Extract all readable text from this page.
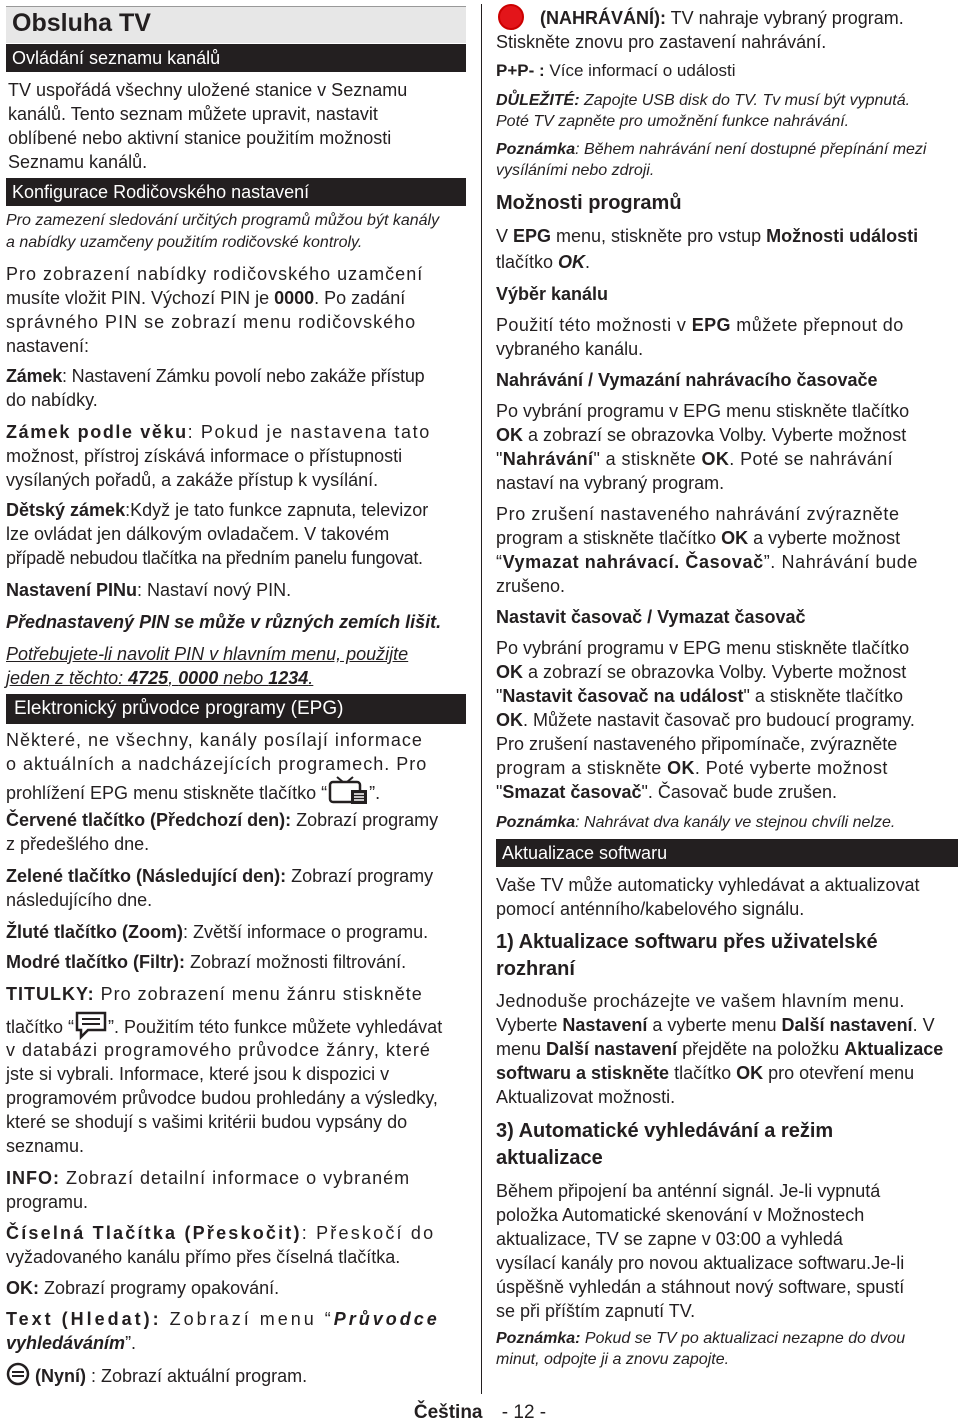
Obsluha TV
Ovládání seznamu kanálů
TV uspořádá všechny uložené stanice v Seznamu
kanálů. Tento seznam můžete upravit, nastavit
oblíbené nebo aktivní stanice použitím možnosti
Seznamu kanálů.
Konfigurace Rodičovského nastavení
Pro zamezení sledování určitých programů můžou být kanály
a nabídky uzamčeny použitím rodičovské kontroly.
Pro zobrazení nabídky rodičovského uzamčení
musíte vložit PIN. Výchozí PIN je 0000. Po zadání
správného PIN se zobrazí menu rodičovského
nastavení:
Zámek: Nastavení Zámku povolí nebo zakáže přístup
do nabídky.
Zámek podle věku: Pokud je nastavena tato
možnost, přístroj získává informace o přístupnosti
vysílaných pořadů, a zakáže přístup k vysílání.
Dětský zámek:Když je tato funkce zapnuta, televizor
lze ovládat jen dálkovým ovladačem. V takovém
případě nebudou tlačítka na předním panelu fungovat.
Nastavení PINu: Nastaví nový PIN.
Přednastavený PIN se může v různých zemích lišit.
Potřebujete-li navolit PIN v hlavním menu, použijte
jeden z těchto: 4725, 0000 nebo 1234.
Elektronický průvodce programy (EPG)
Některé, ne všechny, kanály posílají informace
o aktuálních a nadcházejících programech. Pro
prohlížení EPG menu stiskněte tlačítko “ ”.
Červené tlačítko (Předchozí den): Zobrazí programy
z předešlého dne.
Zelené tlačítko (Následující den): Zobrazí programy
následujícího dne.
Žluté tlačítko (Zoom): Zvětší informace o programu.
Modré tlačítko (Filtr): Zobrazí možnosti filtrování.
TITULKY: Pro zobrazení menu žánru stiskněte
tlačítko “ ”. Použitím této funkce můžete vyhledávat
v databázi programového průvodce žánry, které
jste si vybrali. Informace, které jsou k dispozici v
programovém průvodce budou prohledány a výsledky,
které se shodují s vašimi kritérii budou vypsány do
seznamu.
INFO: Zobrazí detailní informace o vybraném
programu.
Číselná Tlačítka (Přeskočit): Přeskočí do
vyžadovaného kanálu přímo přes číselná tlačítka.
OK: Zobrazí programy opakování.
Text (Hledat): Zobrazí menu “Průvodce
vyhledáváním”.
(Nyní) : Zobrazí aktuální program.
(NAHRÁVÁNÍ): TV nahraje vybraný program.
Stiskněte znovu pro zastavení nahrávání.
P+P- : Více informací o události
DŮLEŽITÉ: Zapojte USB disk do TV. Tv musí být vypnutá.
Poté TV zapněte pro umožnění funkce nahrávání.
Poznámka: Během nahrávání není dostupné přepínání mezi
vysíláními nebo zdroji.
Možnosti programů
V EPG menu, stiskněte pro vstup Možnosti události
tlačítko OK.
Výběr kanálu
Použití této možnosti v EPG můžete přepnout do
vybraného kanálu.
Nahrávání / Vymazání nahrávacího časovače
Po vybrání programu v EPG menu stiskněte tlačítko
OK a zobrazí se obrazovka Volby. Vyberte možnost
"Nahrávání" a stiskněte OK. Poté se nahrávání
nastaví na vybraný program.
Pro zrušení nastaveného nahrávání zvýrazněte
program a stiskněte tlačítko OK a vyberte možnost
“Vymazat nahrávací. Časovač”. Nahrávání bude
zrušeno.
Nastavit časovač / Vymazat časovač
Po vybrání programu v EPG menu stiskněte tlačítko
OK a zobrazí se obrazovka Volby. Vyberte možnost
"Nastavit časovač na událost" a stiskněte tlačítko
OK. Můžete nastavit časovač pro budoucí programy.
Pro zrušení nastaveného připomínače, zvýrazněte
program a stiskněte OK. Poté vyberte možnost
"Smazat časovač". Časovač bude zrušen.
Poznámka: Nahrávat dva kanály ve stejnou chvíli nelze.
Aktualizace softwaru
Vaše TV může automaticky vyhledávat a aktualizovat
pomocí anténního/kabelového signálu.
1) Aktualizace softwaru přes uživatelské
rozhraní
Jednoduše procházejte ve vašem hlavním menu.
Vyberte Nastavení a vyberte menu Další nastavení. V
menu Další nastavení přejděte na položku Aktualizace
softwaru a stiskněte tlačítko OK pro otevření menu
Aktualizovat možnosti.
3) Automatické vyhledávání a režim
aktualizace
Během připojení ba anténní signál. Je-li vypnutá
položka Automatické skenování v Možnostech
aktualizace, TV se zapne v 03:00 a vyhledá
vysílací kanály pro novou aktualizace softwaru.Je-li
úspěšně vyhledán a stáhnout nový software, spustí
se při příštím zapnutí TV.
Poznámka: Pokud se TV po aktualizaci nezapne do dvou
minut, odpojte ji a znovu zapojte.
Čeština - 12 -
